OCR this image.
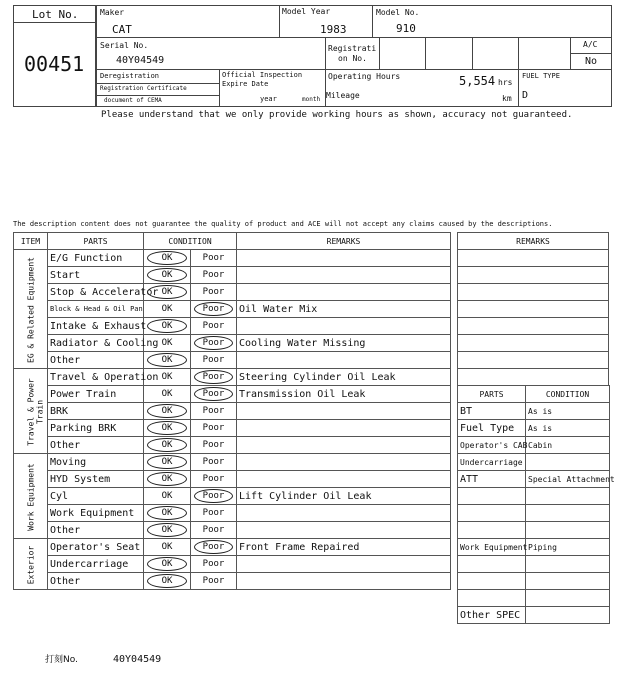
Lot No.
00451
Maker
CAT
Model Year
1983
Model No.
910
Serial No.
40Y04549
Registrati
on No.
A/C
No
Deregistration
Registration Certificate
document of CEMA
Official Inspection
Expire Date
year	month
Operating Hours	5,554 hrs
Mileage	km
FUEL TYPE
D
Please understand that we only provide working hours as shown, accuracy not guaranteed.
The description content does not guarantee the quality of product and ACE will not accept any claims caused by the descriptions.
ITEM	PARTS	CONDITION		REMARKS

EG & Related Equipment	E/G Function	OK	Poor	
	Start	OK	Poor	
	Stop & Accelerator	OK	Poor	
	Block & Head & Oil Pan	OK	Poor	Oil Water Mix
	Intake & Exhaust	OK	Poor	
	Radiator & Cooling	OK	Poor	Cooling Water Missing
	Other	OK	Poor	

Travel & Power Train	Travel & Operation	OK	Poor	Steering Cylinder Oil Leak
	Power Train	OK	Poor	Transmission Oil Leak
	BRK	OK	Poor	
	Parking BRK	OK	Poor	
	Other	OK	Poor	

Work Equipment	Moving	OK	Poor	
	HYD System	OK	Poor	
	Cyl	OK	Poor	Lift Cylinder Oil Leak
	Work Equipment	OK	Poor	
	Other	OK	Poor	

Exterior	Operator's Seat	OK	Poor	Front Frame Repaired
	Undercarriage	OK	Poor	
	Other	OK	Poor	
REMARKS

PARTS	CONDITION
BT	As is
Fuel Type	As is
Operator's CAB	Cabin
Undercarriage	
ATT	Special Attachment

Work Equipment	Piping

Other SPEC	
打刻No.	40Y04549
